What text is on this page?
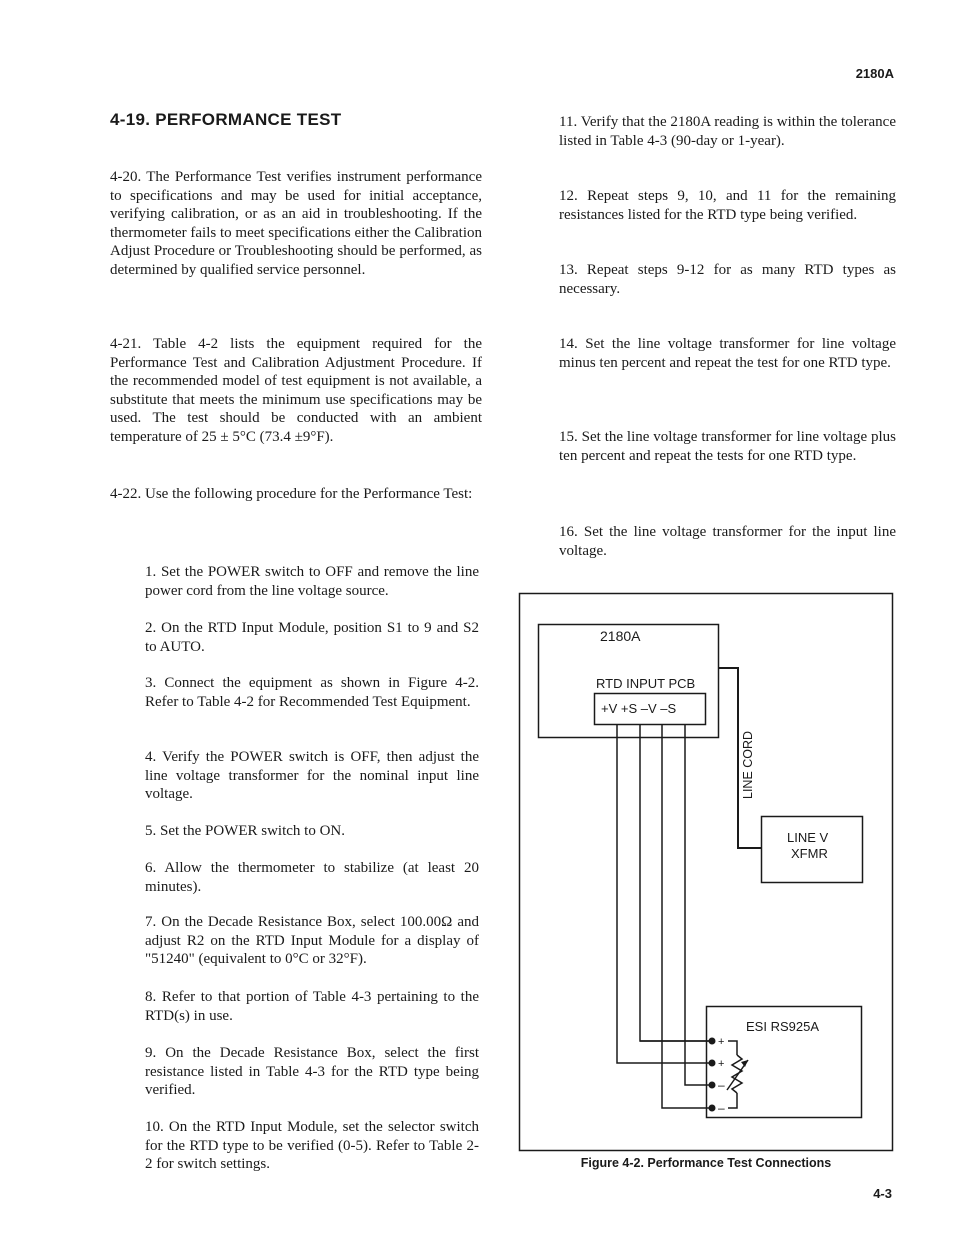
2180A
4-19. PERFORMANCE TEST

4-20. The Performance Test verifies instrument performance to specifications and may be used for initial acceptance, verifying calibration, or as an aid in troubleshooting. If the thermometer fails to meet specifications either the Calibration Adjust Procedure or Troubleshooting should be performed, as determined by qualified service personnel.

4-21. Table 4-2 lists the equipment required for the Performance Test and Calibration Adjustment Procedure. If the recommended model of test equipment is not available, a substitute that meets the minimum use specifications may be used. The test should be conducted with an ambient temperature of 25 ± 5°C (73.4 ±9°F).

4-22. Use the following procedure for the Performance Test:

1. Set the POWER switch to OFF and remove the line power cord from the line voltage source.

2. On the RTD Input Module, position S1 to 9 and S2 to AUTO.

3. Connect the equipment as shown in Figure 4-2. Refer to Table 4-2 for Recommended Test Equipment.

4. Verify the POWER switch is OFF, then adjust the line voltage transformer for the nominal input line voltage.

5. Set the POWER switch to ON.

6. Allow the thermometer to stabilize (at least 20 minutes).

7. On the Decade Resistance Box, select 100.00Ω and adjust R2 on the RTD Input Module for a display of "51240" (equivalent to 0°C or 32°F).

8. Refer to that portion of Table 4-3 pertaining to the RTD(s) in use.

9. On the Decade Resistance Box, select the first resistance listed in Table 4-3 for the RTD type being verified.

10. On the RTD Input Module, set the selector switch for the RTD type to be verified (0-5). Refer to Table 2-2 for switch settings.

11. Verify that the 2180A reading is within the tolerance listed in Table 4-3 (90-day or 1-year).

12. Repeat steps 9, 10, and 11 for the remaining resistances listed for the RTD type being verified.

13. Repeat steps 9-12 for as many RTD types as necessary.

14. Set the line voltage transformer for line voltage minus ten percent and repeat the test for one RTD type.

15. Set the line voltage transformer for line voltage plus ten percent and repeat the tests for one RTD type.

16. Set the line voltage transformer for the input line voltage.

2180A
RTD INPUT PCB
+V +S –V –S
LINE CORD
LINE V
XFMR
ESI RS925A
+
+
–
–
Figure 4-2. Performance Test Connections
4-3
